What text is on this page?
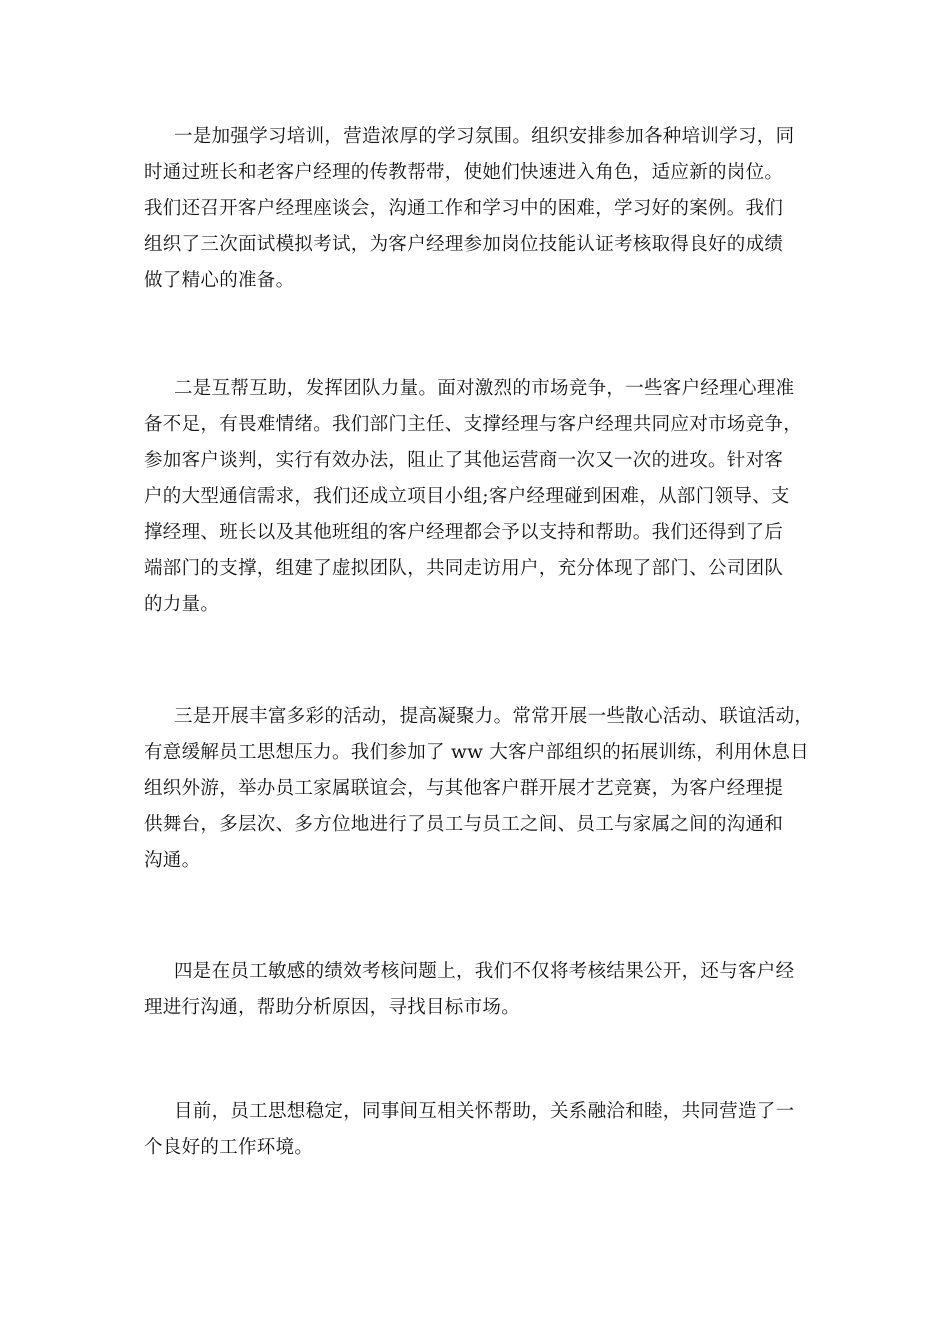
一是加强学习培训，营造浓厚的学习氛围。组织安排参加各种培训学习，同
时通过班长和老客户经理的传教帮带，使她们快速进入角色，适应新的岗位。
我们还召开客户经理座谈会，沟通工作和学习中的困难，学习好的案例。我们
组织了三次面试模拟考试，为客户经理参加岗位技能认证考核取得良好的成绩
做了精心的准备。
二是互帮互助，发挥团队力量。面对激烈的市场竞争，一些客户经理心理准
备不足，有畏难情绪。我们部门主任、支撑经理与客户经理共同应对市场竞争，
参加客户谈判，实行有效办法，阻止了其他运营商一次又一次的进攻。针对客
户的大型通信需求，我们还成立项目小组;客户经理碰到困难，从部门领导、支
撑经理、班长以及其他班组的客户经理都会予以支持和帮助。我们还得到了后
端部门的支撑，组建了虚拟团队，共同走访用户，充分体现了部门、公司团队
的力量。
三是开展丰富多彩的活动，提高凝聚力。常常开展一些散心活动、联谊活动，
有意缓解员工思想压力。我们参加了 ww 大客户部组织的拓展训练，利用休息日
组织外游，举办员工家属联谊会，与其他客户群开展才艺竞赛，为客户经理提
供舞台，多层次、多方位地进行了员工与员工之间、员工与家属之间的沟通和
沟通。
四是在员工敏感的绩效考核问题上，我们不仅将考核结果公开，还与客户经
理进行沟通，帮助分析原因，寻找目标市场。
目前，员工思想稳定，同事间互相关怀帮助，关系融洽和睦，共同营造了一
个良好的工作环境。
